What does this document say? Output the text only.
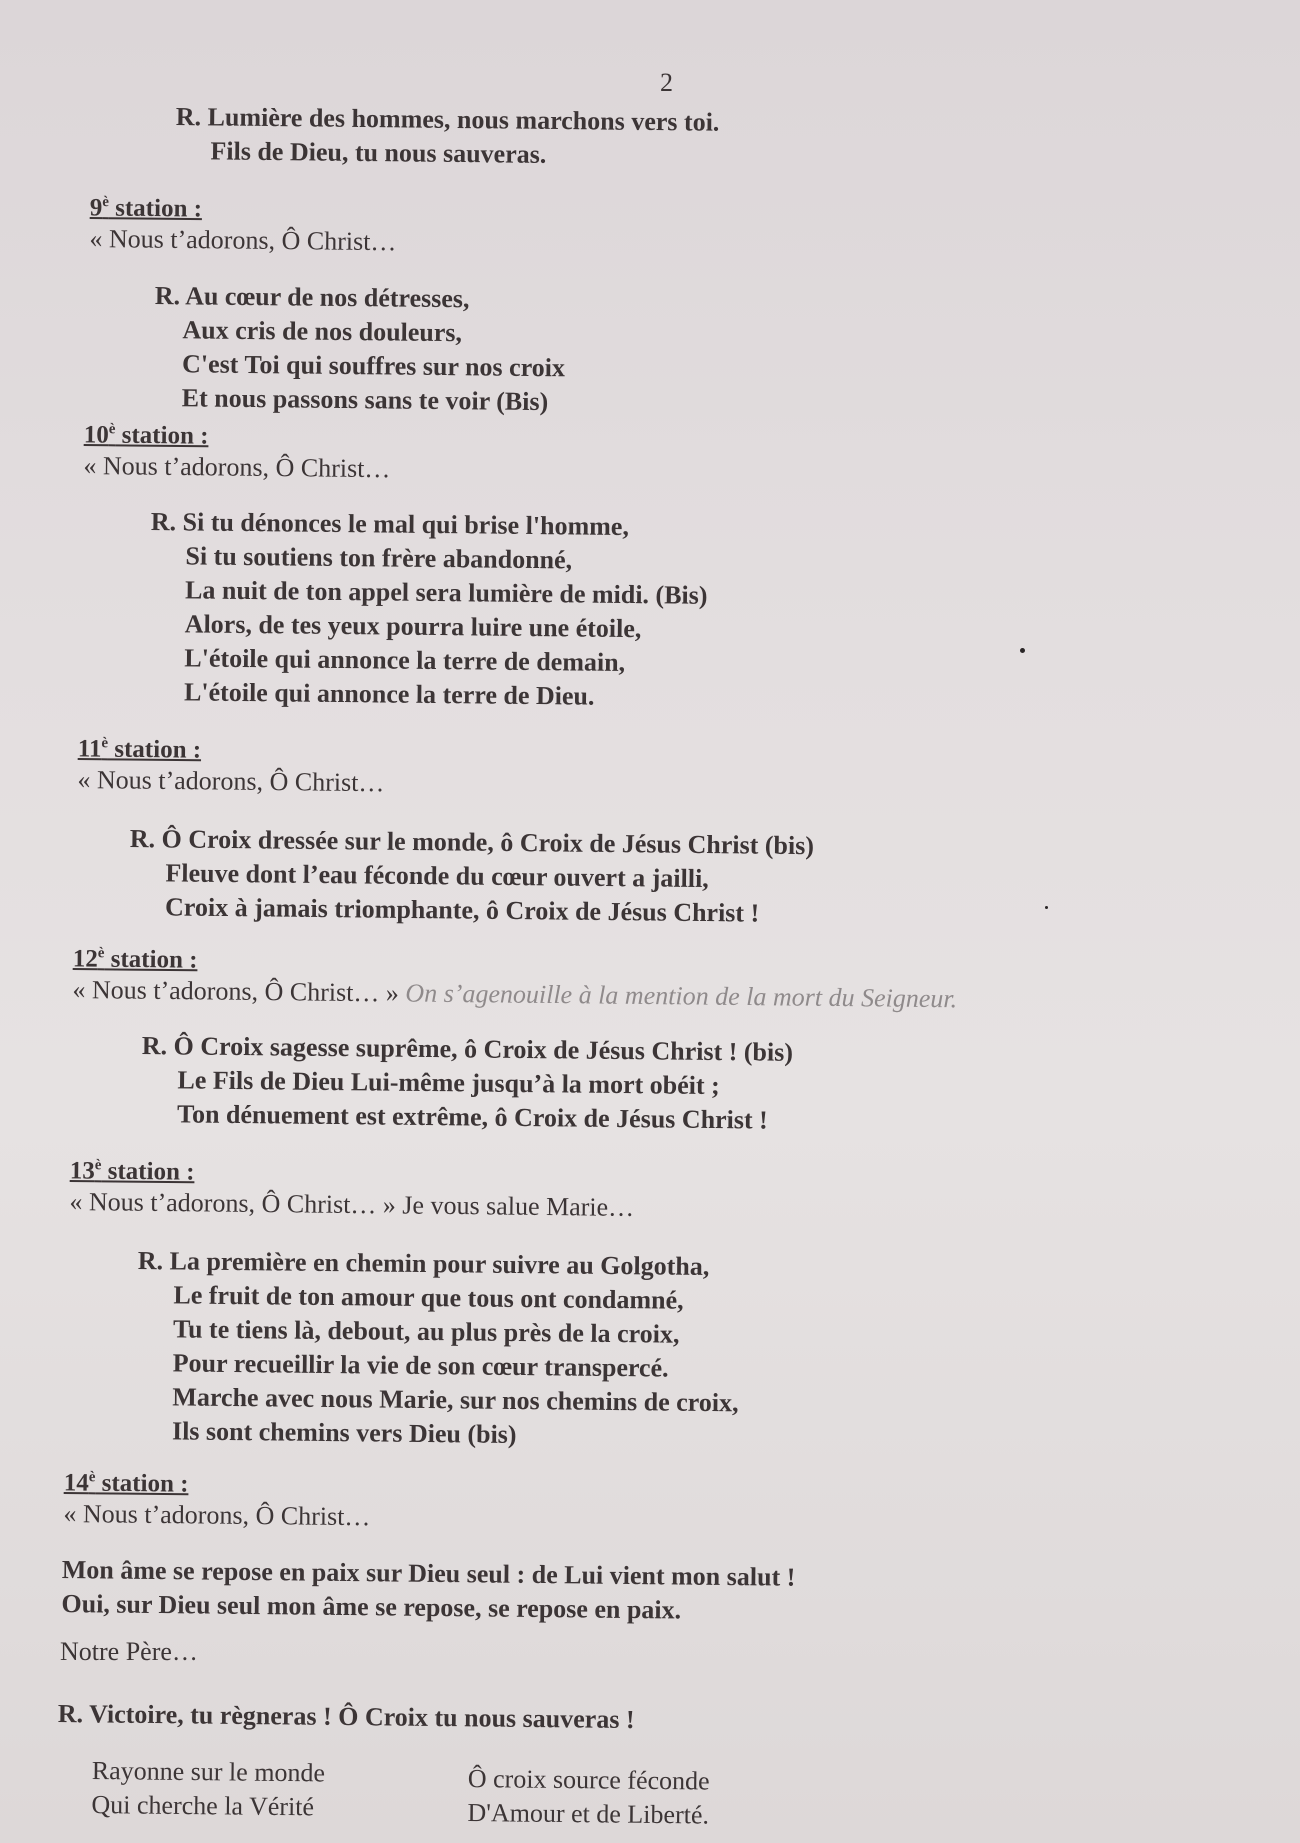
2
R. Lumière des hommes, nous marchons vers toi.
Fils de Dieu, tu nous sauveras.
$9^è$ station :
« Nous t’adorons, Ô Christ…
R. Au cœur de nos détresses,
Aux cris de nos douleurs,
C'est Toi qui souffres sur nos croix
Et nous passons sans te voir (Bis)
$10^è$ station :
« Nous t’adorons, Ô Christ…
R. Si tu dénonces le mal qui brise l'homme,
Si tu soutiens ton frère abandonné,
La nuit de ton appel sera lumière de midi. (Bis)
Alors, de tes yeux pourra luire une étoile,
L'étoile qui annonce la terre de demain,
L'étoile qui annonce la terre de Dieu.
$11^è$ station :
« Nous t’adorons, Ô Christ…
R. Ô Croix dressée sur le monde, ô Croix de Jésus Christ (bis)
Fleuve dont l’eau féconde du cœur ouvert a jailli,
Croix à jamais triomphante, ô Croix de Jésus Christ !
$12^è$ station :
« Nous t’adorons, Ô Christ… » On s’agenouille à la mention de la mort du Seigneur.
R. Ô Croix sagesse suprême, ô Croix de Jésus Christ ! (bis)
Le Fils de Dieu Lui-même jusqu’à la mort obéit ;
Ton dénuement est extrême, ô Croix de Jésus Christ !
$13^è$ station :
« Nous t’adorons, Ô Christ… » Je vous salue Marie…
R. La première en chemin pour suivre au Golgotha,
Le fruit de ton amour que tous ont condamné,
Tu te tiens là, debout, au plus près de la croix,
Pour recueillir la vie de son cœur transpercé.
Marche avec nous Marie, sur nos chemins de croix,
Ils sont chemins vers Dieu (bis)
$14^è$ station :
« Nous t’adorons, Ô Christ…
Mon âme se repose en paix sur Dieu seul : de Lui vient mon salut !
Oui, sur Dieu seul mon âme se repose, se repose en paix.
Notre Père…
R. Victoire, tu règneras ! Ô Croix tu nous sauveras !
Rayonne sur le monde
Qui cherche la Vérité
Ô croix source féconde
D'Amour et de Liberté.
